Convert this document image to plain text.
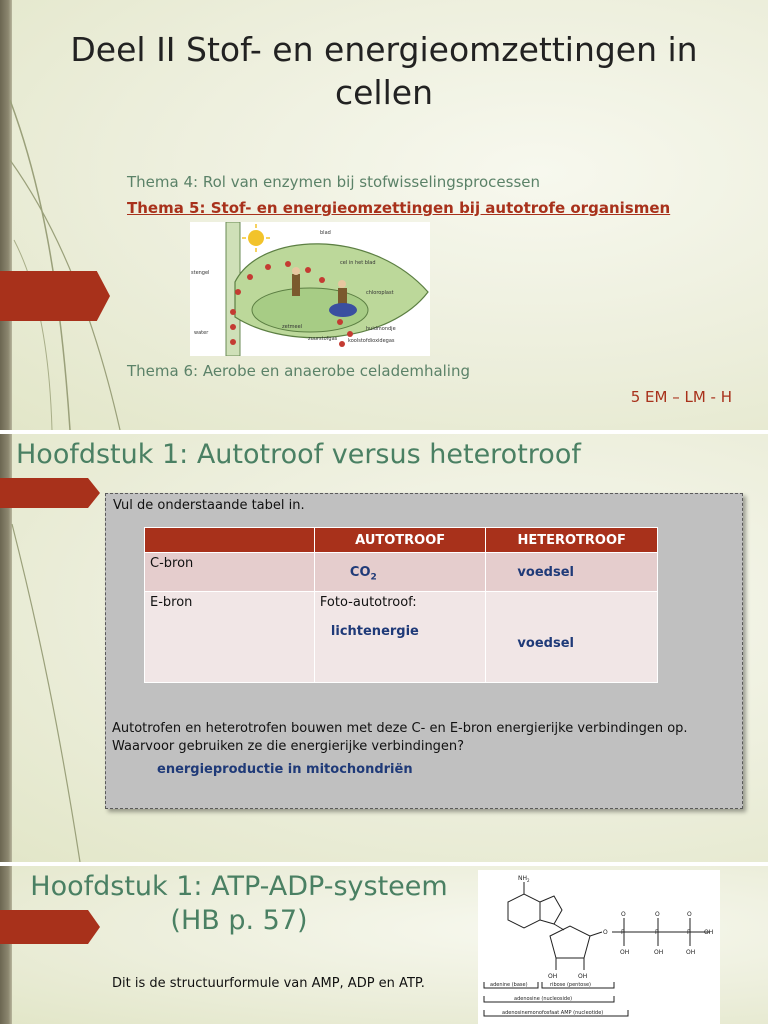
Deel II Stof- en energieomzettingen in cellen
Thema 4: Rol van enzymen bij stofwisselingsprocessen
Thema 5: Stof- en energieomzettingen bij autotrofe organismen
blad
cel in het blad
stengel
chloroplast
water
zetmeel	huidmondje
zuurstofgas koolstofdioxidegas
Thema 6: Aerobe en anaerobe celademhaling
5 EM – LM - H
Hoofdstuk 1: Autotroof versus heterotroof
Vul de onderstaande tabel in.
	AUTOTROOF	HETEROTROOF
C-bron	$CO_2$	voedsel

E-bron	Foto-autotroof:
lichtenergie	voedsel
Autotrofen en heterotrofen bouwen met deze C- en E-bron energierijke verbindingen op. Waarvoor gebruiken ze die energierijke verbindingen?
energieproductie in mitochondriën
Hoofdstuk 1: ATP-ADP-systeem
(HB p. 57)
Dit is de structuurformule van AMP, ADP en ATP.
$NH_2$
OH	OH
O P	P	P OH
O	O	O
OH	OH	OH
adenine (base)	ribose (pentose)
adenosine (nucleoside)
adenosinemonofosfaat AMP (nucleotide)
